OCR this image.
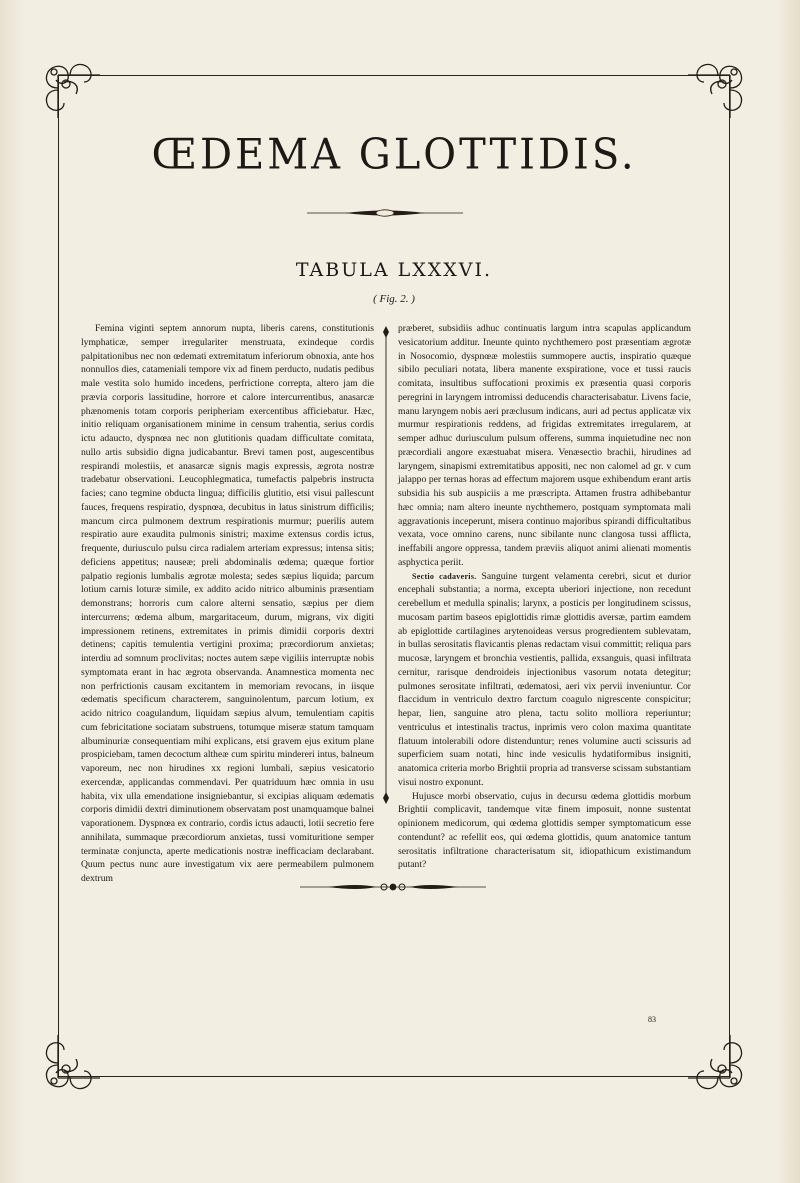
ŒDEMA GLOTTIDIS.
TABULA LXXXVI.
( Fig. 2. )

Femina viginti septem annorum nupta, liberis carens, constitutionis lymphaticæ, semper irregulariter menstruata, exindeque cordis palpitationibus nec non œdemati extremitatum inferiorum obnoxia, ante hos nonnullos dies, catameniali tempore vix ad finem perducto, nudatis pedibus male vestita solo humido incedens, perfrictione correpta, altero jam die prævia corporis lassitudine, horrore et calore intercurrentibus, anasarcæ phænomenis totam corporis peripheriam exercentibus afficiebatur. Hæc, initio reliquam organisationem minime in censum trahentia, serius cordis ictu adaucto, dyspnœa nec non glutitionis quadam difficultate comitata, nullo artis subsidio digna judicabantur. Brevi tamen post, augescentibus respirandi molestiis, et anasarcæ signis magis expressis, ægrota nostræ tradebatur observationi. Leucophlegmatica, tumefactis palpebris instructa facies; cano tegmine obducta lingua; difficilis glutitio, etsi visui pallescunt fauces, frequens respiratio, dyspnœa, decubitus in latus sinistrum difficilis; mancum circa pulmonem dextrum respirationis murmur; puerilis autem respiratio aure exaudita pulmonis sinistri; maxime extensus cordis ictus, frequente, duriusculo pulsu circa radialem arteriam expressus; intensa sitis; deficiens appetitus; nauseæ; preli abdominalis œdema; quæque fortior palpatio regionis lumbalis ægrotæ molesta; sedes sæpius liquida; parcum lotium carnis loturæ simile, ex addito acido nitrico albuminis præsentiam demonstrans; horroris cum calore alterni sensatio, sæpius per diem intercurrens; œdema album, margaritaceum, durum, migrans, vix digiti impressionem retinens, extremitates in primis dimidii corporis dextri detinens; capitis temulentia vertigini proxima; præcordiorum anxietas; interdiu ad somnum proclivitas; noctes autem sæpe vigiliis interruptæ nobis symptomata erant in hac ægrota observanda. Anamnestica momenta nec non perfrictionis causam excitantem in memoriam revocans, in iisque œdematis specificum characterem, sanguinolentum, parcum lotium, ex acido nitrico coagulandum, liquidam sæpius alvum, temulentiam capitis cum febricitatione sociatam substruens, totumque miseræ statum tamquam albuminuriæ consequentiam mihi explicans, etsi gravem ejus exitum plane prospiciebam, tamen decoctum altheæ cum spiritu mindereri intus, balneum vaporeum, nec non hirudines xx regioni lumbali, sæpius vesicatorio exercendæ, applicandas commendavi. Per quatriduum hæc omnia in usu habita, vix ulla emendatione insigniebantur, si excipias aliquam œdematis corporis dimidii dextri diminutionem observatam post unamquamque balnei vaporationem. Dyspnœa ex contrario, cordis ictus adaucti, lotii secretio fere annihilata, summaque præcordiorum anxietas, tussi vomituritione semper terminatæ conjuncta, aperte medicationis nostræ inefficaciam declarabant. Quum pectus nunc aure investigatum vix aere permeabilem pulmonem dextrum

præberet, subsidiis adhuc continuatis largum intra scapulas applicandum vesicatorium additur. Ineunte quinto nychthemero post præsentiam ægrotæ in Nosocomio, dyspnœæ molestiis summopere auctis, inspiratio quæque sibilo peculiari notata, libera manente exspiratione, voce et tussi raucis comitata, insultibus suffocationi proximis ex præsentia quasi corporis peregrini in laryngem intromissi deducendis characterisabatur. Livens facie, manu laryngem nobis aeri præclusum indicans, auri ad pectus applicatæ vix murmur respirationis reddens, ad frigidas extremitates irregularem, at semper adhuc duriusculum pulsum offerens, summa inquietudine nec non præcordiali angore exæstuabat misera. Venæsectio brachii, hirudines ad laryngem, sinapismi extremitatibus appositi, nec non calomel ad gr. v cum jalappo per ternas horas ad effectum majorem usque exhibendum erant artis subsidia his sub auspiciis a me præscripta. Attamen frustra adhibebantur hæc omnia; nam altero ineunte nychthemero, postquam symptomata mali aggravationis inceperunt, misera continuo majoribus spirandi difficultatibus vexata, voce omnino carens, nunc sibilante nunc clangosa tussi afflicta, ineffabili angore oppressa, tandem præviis aliquot animi alienati momentis asphyctica periit.

Sectio cadaveris. Sanguine turgent velamenta cerebri, sicut et durior encephali substantia; a norma, excepta uberiori injectione, non recedunt cerebellum et medulla spinalis; larynx, a posticis per longitudinem scissus, mucosam partim baseos epiglottidis rimæ glottidis aversæ, partim eamdem ab epiglottide cartilagines arytenoideas versus progredientem sublevatam, in bullas serositatis flavicantis plenas redactam visui committit; reliqua pars mucosæ, laryngem et bronchia vestientis, pallida, exsanguis, quasi infiltrata cernitur, rarisque dendroideis injectionibus vasorum notata detegitur; pulmones serositate infiltrati, œdematosi, aeri vix pervii inveniuntur. Cor flaccidum in ventriculo dextro farctum coagulo nigrescente conspicitur; hepar, lien, sanguine atro plena, tactu solito molliora reperiuntur; ventriculus et intestinalis tractus, inprimis vero colon maxima quantitate flatuum intolerabili odore distenduntur; renes volumine aucti scissuris ad superficiem suam notati, hinc inde vesiculis hydatiformibus insigniti, anatomica criteria morbo Brightii propria ad transverse scissam substantiam visui nostro exponunt.

Hujusce morbi observatio, cujus in decursu œdema glottidis morbum Brightii complicavit, tandemque vitæ finem imposuit, nonne sustentat opinionem medicorum, qui œdema glottidis semper symptomaticum esse contendunt? ac refellit eos, qui œdema glottidis, quum anatomice tantum serositatis infiltratione characterisatum sit, idiopathicum existimandum putant?

83
